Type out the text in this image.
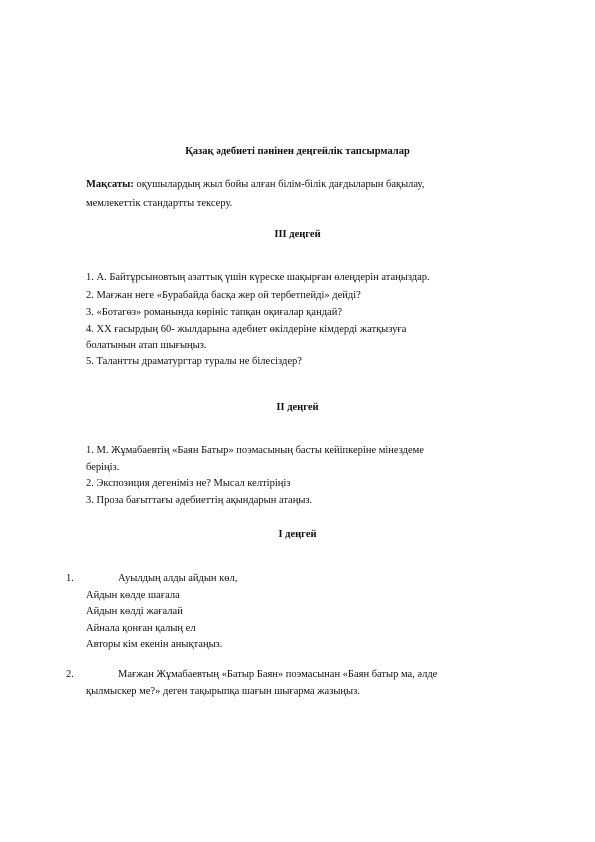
Қазақ әдебиеті пәнінен деңгейлік тапсырмалар
Мақсаты: оқушылардың жыл бойы алған білім-білік дағдыларын бақылау,
мемлекеттік стандартты тексеру.
ІІІ деңгей
1. А. Байтұрсыновтың азаттық үшін күреске шақырған өлеңдерін атаңыздар.
2. Мағжан неге «Бурабайда басқа жер ой тербетпейді» дейді?
3. «Ботагөз» романында көрініс тапқан оқиғалар қандай?
4. ХХ ғасырдың 60- жылдарына әдебиет өкілдеріне кімдерді жатқызуға
болатынын атап шығыңыз.
5. Талантты драматургтар туралы не білесіздер?
ІІ деңгей
1. М. Жұмабаевтің «Баян Батыр» поэмасының басты кейіпкеріне мінездеме
беріңіз.
2. Экспозиция дегеніміз не? Мысал келтіріңіз
3. Проза бағыттағы әдебиеттің ақындарын атаңыз.
І деңгей
1.	Ауылдың алды айдын көл,
Айдын көлде шағала
Айдын көлді жағалай
Айнала қонған қалың ел
Авторы кім екенін анықтаңыз.
2.	Мағжан Жұмабаевтың «Батыр Баян» поэмасынан «Баян батыр ма, әлде
қылмыскер ме?» деген тақырыпқа шағын шығарма жазыңыз.
